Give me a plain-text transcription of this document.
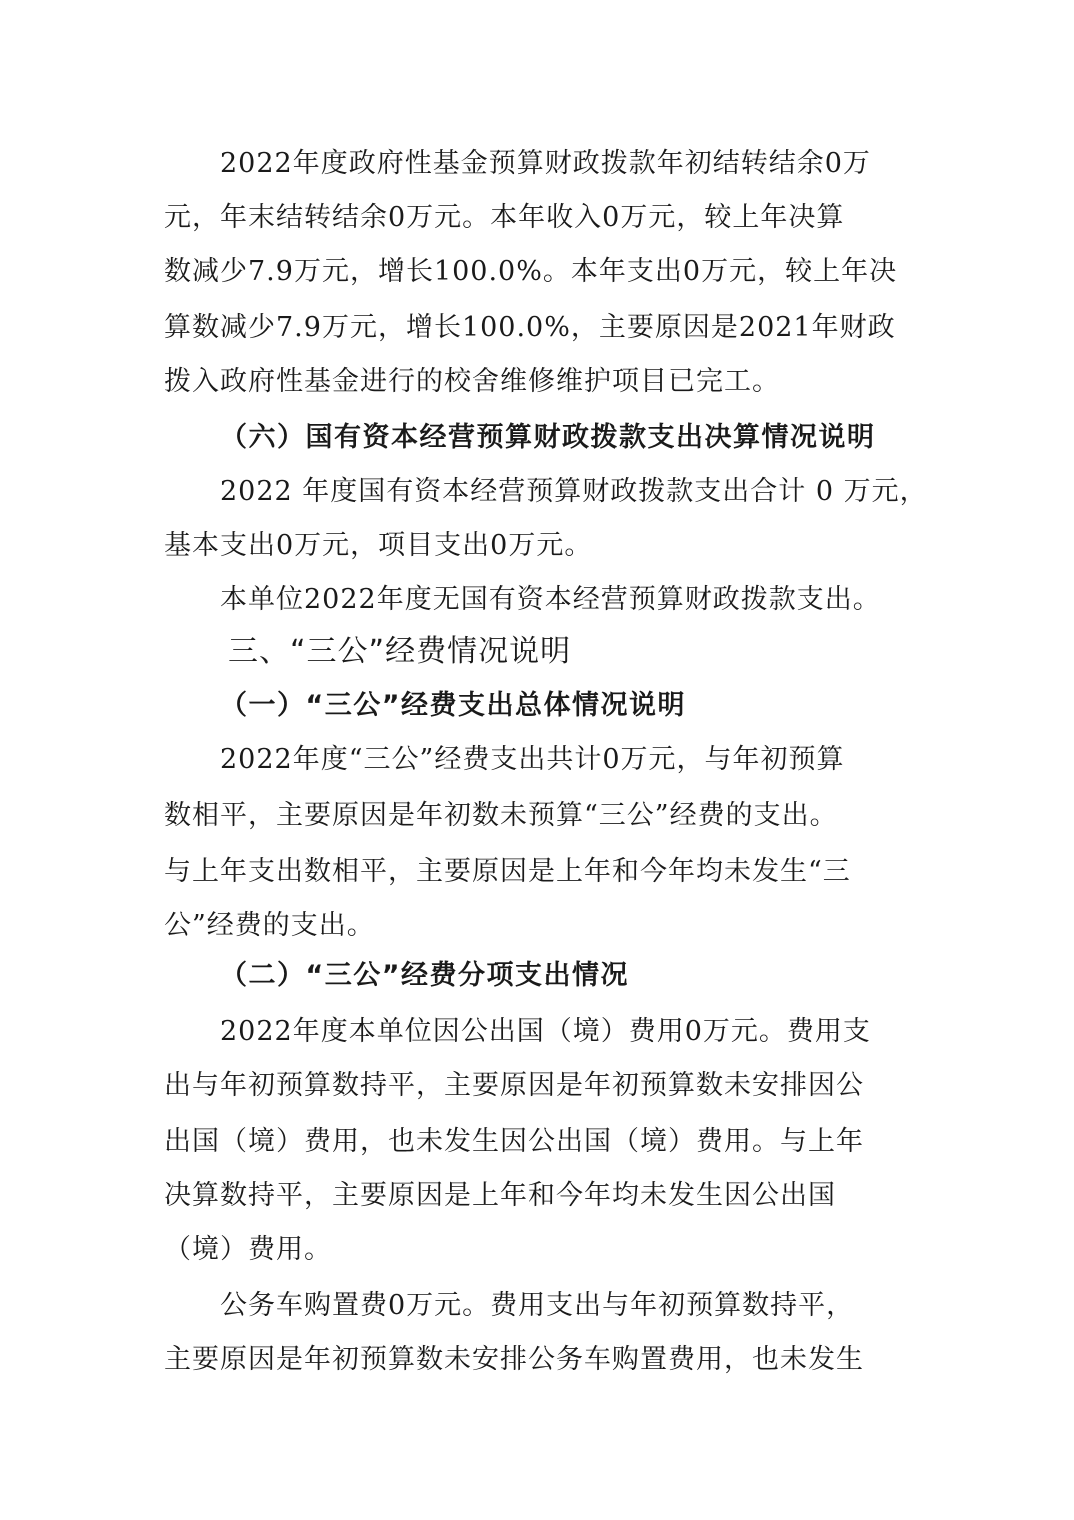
2022年度政府性基金预算财政拨款年初结转结余0万
元，年末结转结余0万元。本年收入0万元，较上年决算
数减少7.9万元，增长100.0%。本年支出0万元，较上年决
算数减少7.9万元，增长100.0%，主要原因是2021年财政
拨入政府性基金进行的校舍维修维护项目已完工。
（六）国有资本经营预算财政拨款支出决算情况说明
2022 年度国有资本经营预算财政拨款支出合计 0 万元，
基本支出0万元，项目支出0万元。
本单位2022年度无国有资本经营预算财政拨款支出。
三、“三公”经费情况说明
（一）“三公”经费支出总体情况说明
2022年度“三公”经费支出共计0万元，与年初预算
数相平，主要原因是年初数未预算“三公”经费的支出。
与上年支出数相平，主要原因是上年和今年均未发生“三
公”经费的支出。
（二）“三公”经费分项支出情况
2022年度本单位因公出国（境）费用0万元。费用支
出与年初预算数持平，主要原因是年初预算数未安排因公
出国（境）费用，也未发生因公出国（境）费用。与上年
决算数持平，主要原因是上年和今年均未发生因公出国
（境）费用。
公务车购置费0万元。费用支出与年初预算数持平，
主要原因是年初预算数未安排公务车购置费用，也未发生
